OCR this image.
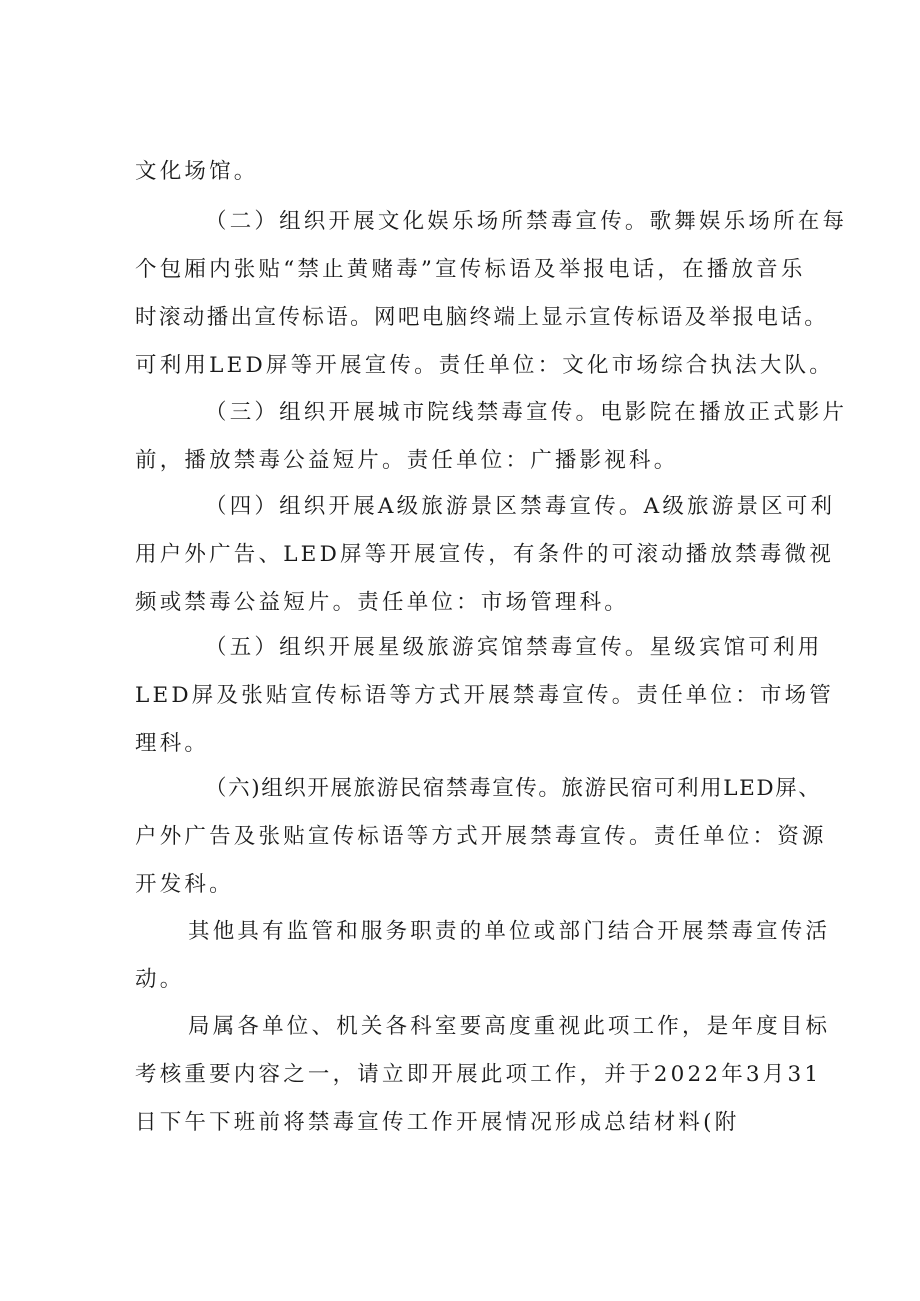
文化场馆。

（二）组织开展文化娱乐场所禁毒宣传。歌舞娱乐场所在每

个包厢内张贴“禁止黄赌毒”宣传标语及举报电话，在播放音乐

时滚动播出宣传标语。网吧电脑终端上显示宣传标语及举报电话。

可利用LED屏等开展宣传。责任单位：文化市场综合执法大队。

（三）组织开展城市院线禁毒宣传。电影院在播放正式影片

前，播放禁毒公益短片。责任单位：广播影视科。

（四）组织开展A级旅游景区禁毒宣传。A级旅游景区可利

用户外广告、LED屏等开展宣传，有条件的可滚动播放禁毒微视

频或禁毒公益短片。责任单位：市场管理科。

（五）组织开展星级旅游宾馆禁毒宣传。星级宾馆可利用

LED屏及张贴宣传标语等方式开展禁毒宣传。责任单位：市场管

理科。

（六)组织开展旅游民宿禁毒宣传。旅游民宿可利用LED屏、

户外广告及张贴宣传标语等方式开展禁毒宣传。责任单位：资源

开发科。

其他具有监管和服务职责的单位或部门结合开展禁毒宣传活

动。

局属各单位、机关各科室要高度重视此项工作，是年度目标

考核重要内容之一，请立即开展此项工作，并于2022年3月31

日下午下班前将禁毒宣传工作开展情况形成总结材料(附
